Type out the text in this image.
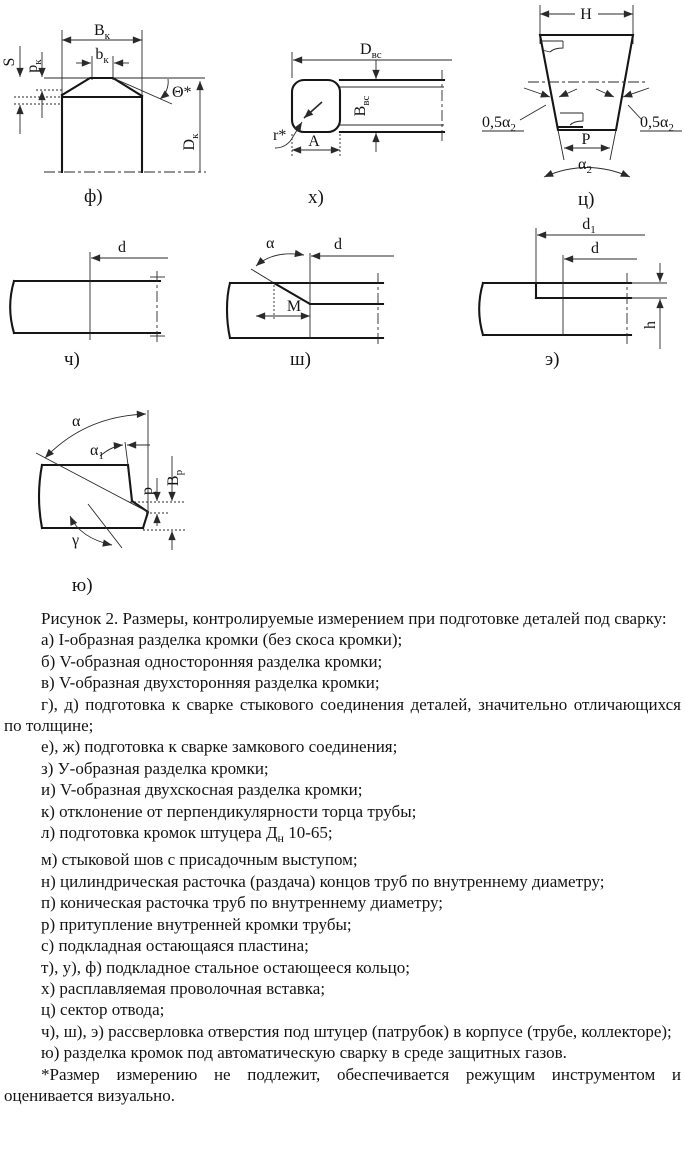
$B_к$
$b_к$
S
$p_к$
Θ*
$D_к$
ф)
$D_{вс}$
$B_{вс}$
A
r*
х)
H
$0,5\alpha_2$	$0,5\alpha_2$
P
$\alpha_2$
ц)
d
ч)
α	d
M
ш)
$d_1$
d
h
э)
α
$\alpha_1$
$B_р$
p
γ
ю)

Рисунок 2. Размеры, контролируемые измерением при подготовке деталей под сварку:

а) I-образная разделка кромки (без скоса кромки);

б) V-образная односторонняя разделка кромки;

в) V-образная двухсторонняя разделка кромки;

г), д) подготовка к сварке стыкового соединения деталей, значительно отличающихся по толщине;

е), ж) подготовка к сварке замкового соединения;

з) У-образная разделка кромки;

и) V-образная двухскосная разделка кромки;

к) отклонение от перпендикулярности торца трубы;

л) подготовка кромок штуцера $Д_н$ 10-65;

м) стыковой шов с присадочным выступом;

н) цилиндрическая расточка (раздача) концов труб по внутреннему диаметру;

п) коническая расточка труб по внутреннему диаметру;

р) притупление внутренней кромки трубы;

с) подкладная остающаяся пластина;

т), у), ф) подкладное стальное остающееся кольцо;

х) расплавляемая проволочная вставка;

ц) сектор отвода;

ч), ш), э) рассверловка отверстия под штуцер (патрубок) в корпусе (трубе, коллекторе);

ю) разделка кромок под автоматическую сварку в среде защитных газов.

*Размер измерению не подлежит, обеспечивается режущим инструментом и оценивается визуально.
